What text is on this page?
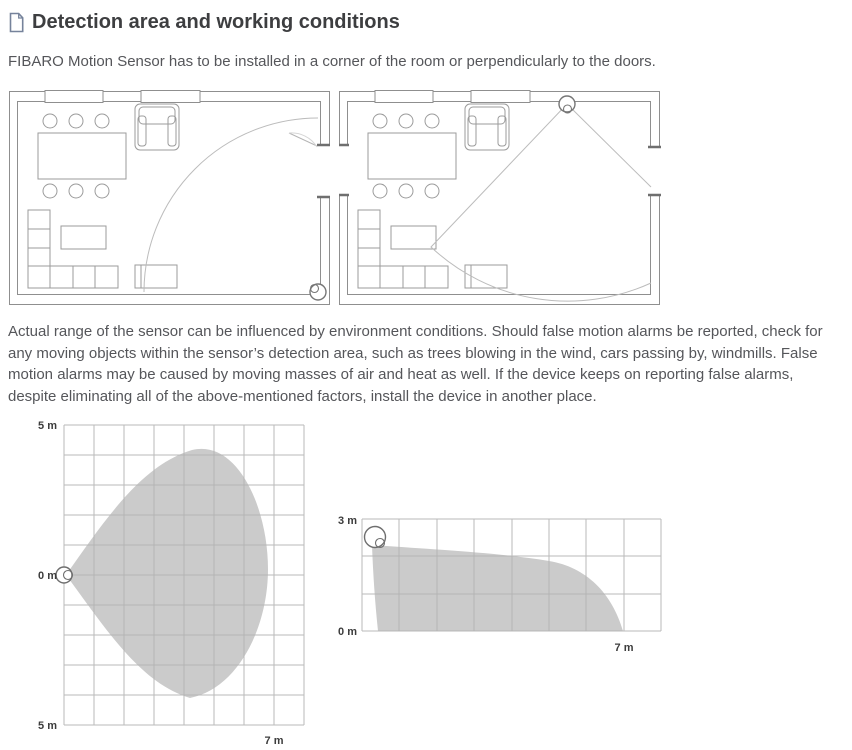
Detection area and working conditions

FIBARO Motion Sensor has to be installed in a corner of the room or perpendicularly to the doors.

Actual range of the sensor can be influenced by environment conditions. Should false motion alarms be reported, check for any moving objects within the sensor’s detection area, such as trees blowing in the wind, cars passing by, windmills. False motion alarms may be caused by moving masses of air and heat as well. If the device keeps on reporting false alarms, despite eliminating all of the above-mentioned factors, install the device in another place.

5 m
0 m
5 m
7 m
3 m
0 m
7 m
